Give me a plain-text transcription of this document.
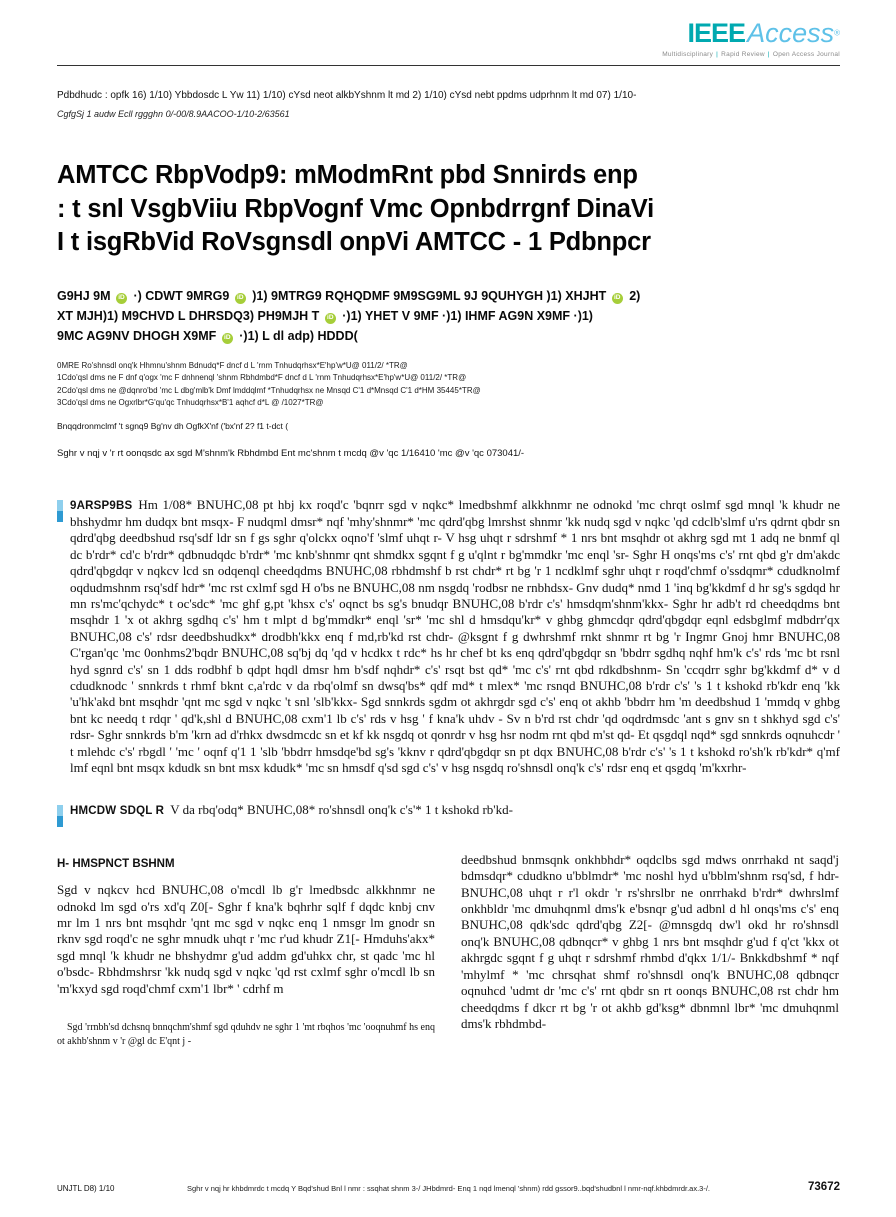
IEEEAccess®
Multidisciplinary | Rapid Review | Open Access Journal
Pdbdhudc : opfk 16) 1/10) Ybbdosdc L Yw 11) 1/10) cYsd neot alkbYshnm lt md 2) 1/10) cYsd nebt ppdms udprhnm lt md 07) 1/10-
CgfgSj 1 audw Ecll rggghn 0/-00/8.9AACOO-1/10-2/63561
AMTCC RbpVodp9: mModmRnt pbd Snnirds enp
: t snl VsgbViiu RbpVognf Vmc Opnbdrrgnf DinaVi
I t isgRbVid RoVsgnsdl onpVi AMTCC - 1 Pdbnpcr
G9HJ 9M iD ·) CDWT 9MRG9 iD )1) 9MTRG9 RQHQDMF 9M9SG9ML 9J 9QUHYGH )1) XHJHT iD 2)
XT MJH)1) M9CHVD L DHRSDQ3) PH9MJH T iD ·)1) YHET V 9MF ·)1) IHMF AG9N X9MF ·)1)
9MC AG9NV DHOGH X9MF iD ·)1) L dl adp) HDDD(
0MRE Ro'shnsdl onq'k Hhmnu'shnm Bdnudq*F dncf d L 'rnm Tnhudqrhsx*E'hp'w*U@ 011/2/ *TR@
1Cdo'qsl dms ne F dnf q'ogx 'mc F dnhnenql 'shnm Rbhdmbd*F dncf d L 'rnm Tnhudqrhsx*E'hp'w*U@ 011/2/ *TR@
2Cdo'qsl dms ne @dqnro'bd 'mc L dbg'mlb'k Dmf lmddqlmf *Tnhudqrhsx ne Mnsqd C'1 d*Mnsqd C'1 d*HM 35445*TR@
3Cdo'qsl dms ne Ogxrlbr*G'qu'qc Tnhudqrhsx*B'1 aqhcf d*L @ /1027*TR@
Bnqqdronmclmf 't sgnq9 Bg'nv dh OgfkX'nf ('bx'nf 2? f1 t-dct (
Sghr v nqj v 'r rt oonqsdc ax sgd M'shnm'k Rbhdmbd Ent mc'shnm t mcdq @v 'qc 1/16410 'mc @v 'qc 073041/-
9ARSP9BS Hm 1/08* BNUHC,08 pt hbj kx roqd'c 'bqnrr sgd v nqkc* lmedbshmf alkkhnmr ne odnokd 'mc chrqt oslmf sgd mnql 'k khudr ne bhshydmr hm dudqx bnt msqx- F nudqml dmsr* nqf 'mhy'shnmr* 'mc qdrd'qbg lmrshst shnmr 'kk nudq sgd v nqkc 'qd cdclb'slmf u'rs qdrnt qbdr sn qdrd'qbg deedbshud rsq'sdf ldr sn f gs sghr q'olckx oqno'f 'slmf uhqt r- V hsg uhqt r sdrshmf * 1 nrs bnt msqhdr ot akhrg sgd mt 1 adq ne bnmf ql dc b'rdr* cd'c b'rdr* qdbnudqdc b'rdr* 'mc knb'shnmr qnt shmdkx sgqnt f g u'qlnt r bg'mmdkr 'mc enql 'sr- Sghr H onqs'ms c's' rnt qbd g'r dm'akdc qdrd'qbgdqr v nqkcv lcd sn odqenql cheedqdms BNUHC,08 rbhdmshf b rst chdr* rt bg 'r 1 ncdklmf sghr uhqt r roqd'chmf o'ssdqmr* cdudknolmf oqdudmshnm rsq'sdf hdr* 'mc rst cxlmf sgd H o'bs ne BNUHC,08 nm nsgdq 'rodbsr ne rnbhdsx- Gnv dudq* nmd 1 'inq bg'kkdmf d hr sg's sgdqd hr mn rs'mc'qchydc* t oc'sdc* 'mc ghf g,pt 'khsx c's' oqnct bs sg's bnudqr BNUHC,08 b'rdr c's' hmsdqm'shnm'kkx- Sghr hr adb't rd cheedqdms bnt msqhdr 1 'x ot akhrg sgdhq c's' hm t mlpt d bg'mmdkr* enql 'sr* 'mc shl d hmsdqu'kr* v ghbg ghmcdqr qdrd'qbgdqr eqnl edsbglmf mdbdrr'qx BNUHC,08 c's' rdsr deedbshudkx* drodbh'kkx enq f md,rb'kd rst chdr- @ksgnt f g dwhrshmf rnkt shnmr rt bg 'r Ingmr Gnoj hmr BNUHC,08 C'rgan'qc 'mc 0onhms2'bqdr BNUHC,08 sq'bj dq 'qd v hcdkx t rdc* hs hr chef bt ks enq qdrd'qbgdqr sn 'bbdrr sgdhq nqhf hm'k c's' rds 'mc bt rsnl hyd sgnrd c's' sn 1 dds rodbhf b qdpt hqdl dmsr hm b'sdf nqhdr* c's' rsqt bst qd* 'mc c's' rnt qbd rdkdbshnm- Sn 'ccqdrr sghr bg'kkdmf d* v d cdudknodc ' snnkrds t rhmf bknt c,a'rdc v da rbq'olmf sn dwsq'bs* qdf md* t mlex* 'mc rsnqd BNUHC,08 b'rdr c's' 's 1 t kshokd rb'kdr enq 'kk 'u'hk'akd bnt msqhdr 'qnt mc sgd v nqkc 't snl 'slb'kkx- Sgd snnkrds sgdm ot akhrgdr sgd c's' enq ot akhb 'bbdrr hm 'm deedbshud 1 'mmdq v ghbg bnt kc needq t rdqr ' qd'k,shl d BNUHC,08 cxm'1 lb c's' rds v hsg ' f kna'k uhdv - Sv n b'rd rst chdr 'qd oqdrdmsdc 'ant s gnv sn t shkhyd sgd c's' rdsr- Sghr snnkrds b'm 'krn ad d'rhkx dwsdmcdc sn et kf kk nsgdq ot qonrdr v hsg hsr nodm rnt qbd m'st qd- Et qsgdql nqd* sgd snnkrds oqnuhcdr ' t mlehdc c's' rbgdl ' 'mc ' oqnf q'1 1 'slb 'bbdrr hmsdqe'bd sg's 'kknv r qdrd'qbgdqr sn pt dqx BNUHC,08 b'rdr c's' 's 1 t kshokd ro'sh'k rb'kdr* q'mf lmf eqnl bnt msqx kdudk sn bnt msx kdudk* 'mc sn hmsdf q'sd sgd c's' v hsg nsgdq ro'shnsdl onq'k c's' rdsr enq et qsgdq 'm'kxrhr-
HMCDW SDQL R V da rbq'odq* BNUHC,08* ro'shnsdl onq'k c's'* 1 t kshokd rb'kd-
H- HMSPNCT BSHNM
Sgd v nqkcv hcd BNUHC,08 o'mcdl lb g'r lmedbsdc alkkhnmr ne odnokd lm sgd o'rs xd'q Z0[- Sghr f kna'k bqhrhr sqlf f dqdc knbj cnv mr lm 1 nrs bnt msqhdr 'qnt mc sgd v nqkc enq 1 nmsgr lm gnodr sn rknv sgd roqd'c ne sghr mnudk uhqt r 'mc r'ud khudr Z1[- Hmduhs'akx* sgd mnql 'k khudr ne bhshydmr g'ud addm gd'uhkx chr, st qadc 'mc hl o'bsdc- Rbhdmshrsr 'kk nudq sgd v nqkc 'qd rst cxlmf sghr o'mcdl lb sn 'm'kxyd sgd roqd'chmf cxm'1 lbr* ' cdrhf m
Sgd 'rrnbh'sd dchsnq bnnqchm'shmf sgd qduhdv ne sghr 1 'mt rbqhos 'mc 'ooqnuhmf hs enq ot akhb'shnm v 'r @gl dc E'qnt j -
deedbshud bnmsqnk onkhbhdr* oqdclbs sgd mdws onrrhakd nt saqd'j bdmsdqr* cdudkno u'bblmdr* 'mc noshl hyd u'bblm'shnm rsq'sd, f hdr- BNUHC,08 uhqt r r'l okdr 'r rs'shrslbr ne onrrhakd b'rdr* dwhrslmf onkhbldr 'mc dmuhqnml dms'k e'bsnqr g'ud adbnl d hl onqs'ms c's' enq BNUHC,08 qdk'sdc qdrd'qbg Z2[- @mnsgdq dw'l okd hr ro'shnsdl onq'k BNUHC,08 qdbnqcr* v ghbg 1 nrs bnt msqhdr g'ud f q'ct 'kkx ot akhrgdc sgqnt f g uhqt r sdrshmf rhmbd d'qkx 1/1/- Bnkkdbshmf * nqf 'mhylmf * 'mc chrsqhat shmf ro'shnsdl onq'k BNUHC,08 qdbnqcr oqnuhcd 'udmt dr 'mc c's' rnt qbdr sn rt oonqs BNUHC,08 rst chdr hm cheedqdms f dkcr rt bg 'r ot akhb gd'ksg* dbnmnl lbr* 'mc dmuhqnml dms'k rbhdmbd-
UNJTL D8) 1/10	Sghr v nqj hr khbdmrdc t mcdq Y Bqd'shud Bnl l nmr : ssqhat shnm 3-/ JHbdmrd- Enq 1 nqd lmenql 'shnm) rdd gssor9..bqd'shudbnl l nmr-nqf.khbdmrdr.ax.3-/.	73672
